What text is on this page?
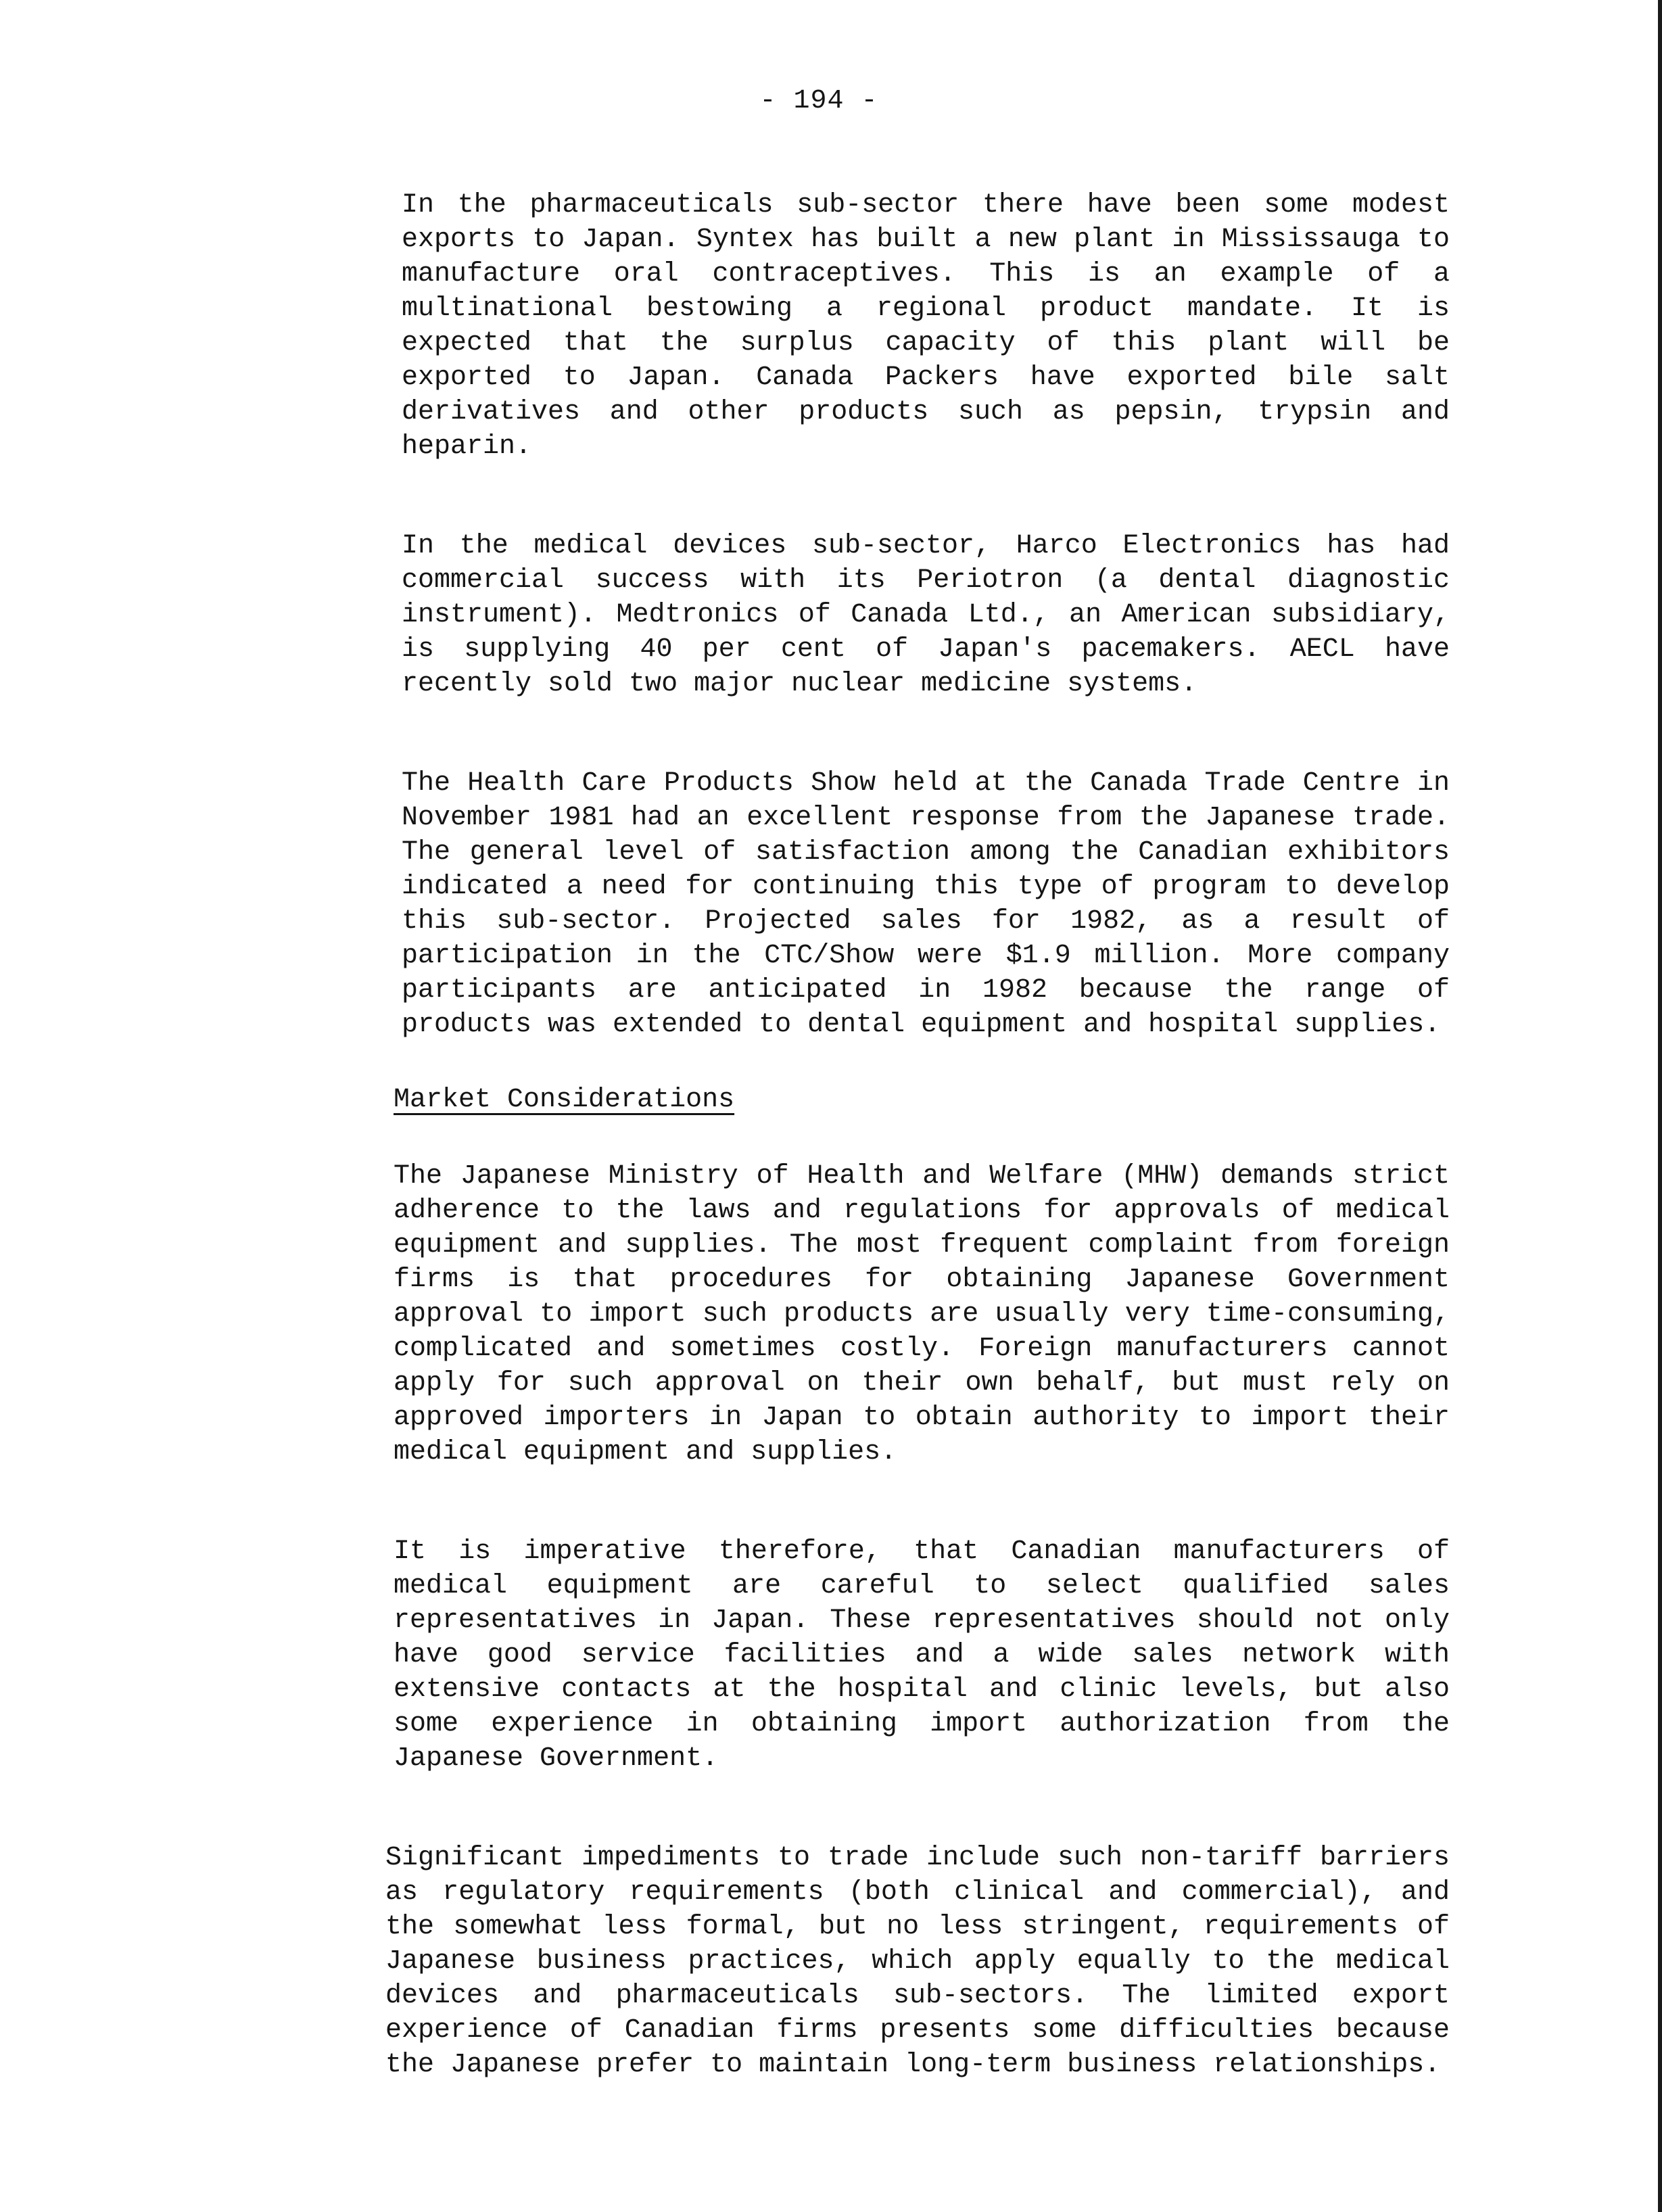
- 194 -

In the pharmaceuticals sub-sector there have been some modest exports to Japan. Syntex has built a new plant in Mississauga to manufacture oral contraceptives. This is an example of a multinational bestowing a regional product mandate. It is expected that the surplus capacity of this plant will be exported to Japan. Canada Packers have exported bile salt derivatives and other products such as pepsin, trypsin and heparin.

In the medical devices sub-sector, Harco Electronics has had commercial success with its Periotron (a dental diagnostic instrument). Medtronics of Canada Ltd., an American subsidiary, is supplying 40 per cent of Japan's pacemakers. AECL have recently sold two major nuclear medicine systems.

The Health Care Products Show held at the Canada Trade Centre in November 1981 had an excellent response from the Japanese trade. The general level of satisfaction among the Canadian exhibitors indicated a need for continuing this type of program to develop this sub-sector. Projected sales for 1982, as a result of participation in the CTC/Show were $1.9 million. More company participants are anticipated in 1982 because the range of products was extended to dental equipment and hospital supplies.

Market Considerations

The Japanese Ministry of Health and Welfare (MHW) demands strict adherence to the laws and regulations for approvals of medical equipment and supplies. The most frequent complaint from foreign firms is that procedures for obtaining Japanese Government approval to import such products are usually very time-consuming, complicated and sometimes costly. Foreign manufacturers cannot apply for such approval on their own behalf, but must rely on approved importers in Japan to obtain authority to import their medical equipment and supplies.

It is imperative therefore, that Canadian manufacturers of medical equipment are careful to select qualified sales representatives in Japan. These representatives should not only have good service facilities and a wide sales network with extensive contacts at the hospital and clinic levels, but also some experience in obtaining import authorization from the Japanese Government.

Significant impediments to trade include such non-tariff barriers as regulatory requirements (both clinical and commercial), and the somewhat less formal, but no less stringent, requirements of Japanese business practices, which apply equally to the medical devices and pharmaceuticals sub-sectors. The limited export experience of Canadian firms presents some difficulties because the Japanese prefer to maintain long-term business relationships.
